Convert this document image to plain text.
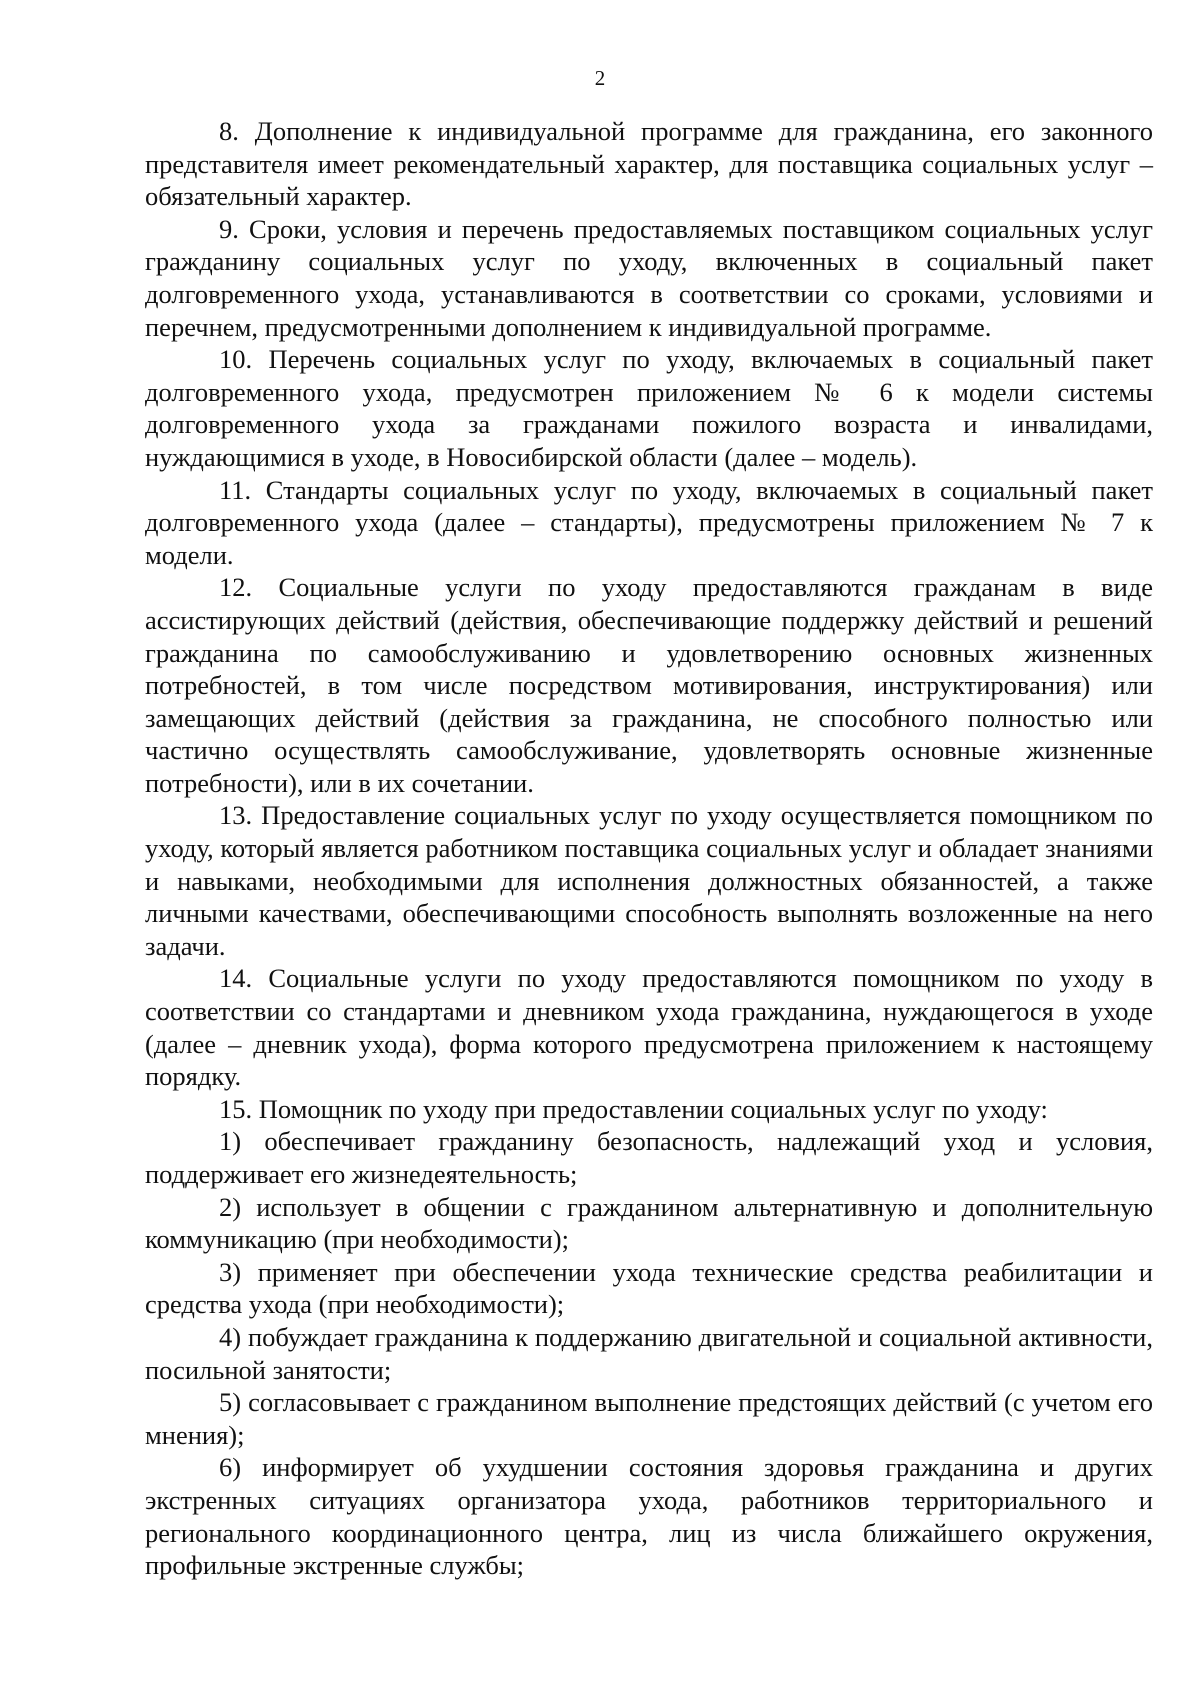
2

8. Дополнение к индивидуальной программе для гражданина, его законного представителя имеет рекомендательный характер, для поставщика социальных услуг – обязательный характер.

9. Сроки, условия и перечень предоставляемых поставщиком социальных услуг гражданину социальных услуг по уходу, включенных в социальный пакет долговременного ухода, устанавливаются в соответствии со сроками, условиями и перечнем, предусмотренными дополнением к индивидуальной программе.

10. Перечень социальных услуг по уходу, включаемых в социальный пакет долговременного ухода, предусмотрен приложением № 6 к модели системы долговременного ухода за гражданами пожилого возраста и инвалидами, нуждающимися в уходе, в Новосибирской области (далее – модель).

11. Стандарты социальных услуг по уходу, включаемых в социальный пакет долговременного ухода (далее – стандарты), предусмотрены приложением № 7 к модели.

12. Социальные услуги по уходу предоставляются гражданам в виде ассистирующих действий (действия, обеспечивающие поддержку действий и решений гражданина по самообслуживанию и удовлетворению основных жизненных потребностей, в том числе посредством мотивирования, инструктирования) или замещающих действий (действия за гражданина, не способного полностью или частично осуществлять самообслуживание, удовлетворять основные жизненные потребности), или в их сочетании.

13. Предоставление социальных услуг по уходу осуществляется помощником по уходу, который является работником поставщика социальных услуг и обладает знаниями и навыками, необходимыми для исполнения должностных обязанностей, а также личными качествами, обеспечивающими способность выполнять возложенные на него задачи.

14. Социальные услуги по уходу предоставляются помощником по уходу в соответствии со стандартами и дневником ухода гражданина, нуждающегося в уходе (далее – дневник ухода), форма которого предусмотрена приложением к настоящему порядку.

15. Помощник по уходу при предоставлении социальных услуг по уходу:

1) обеспечивает гражданину безопасность, надлежащий уход и условия, поддерживает его жизнедеятельность;

2) использует в общении с гражданином альтернативную и дополнительную коммуникацию (при необходимости);

3) применяет при обеспечении ухода технические средства реабилитации и средства ухода (при необходимости);

4) побуждает гражданина к поддержанию двигательной и социальной активности, посильной занятости;

5) согласовывает с гражданином выполнение предстоящих действий (с учетом его мнения);

6) информирует об ухудшении состояния здоровья гражданина и других экстренных ситуациях организатора ухода, работников территориального и регионального координационного центра, лиц из числа ближайшего окружения, профильные экстренные службы;
